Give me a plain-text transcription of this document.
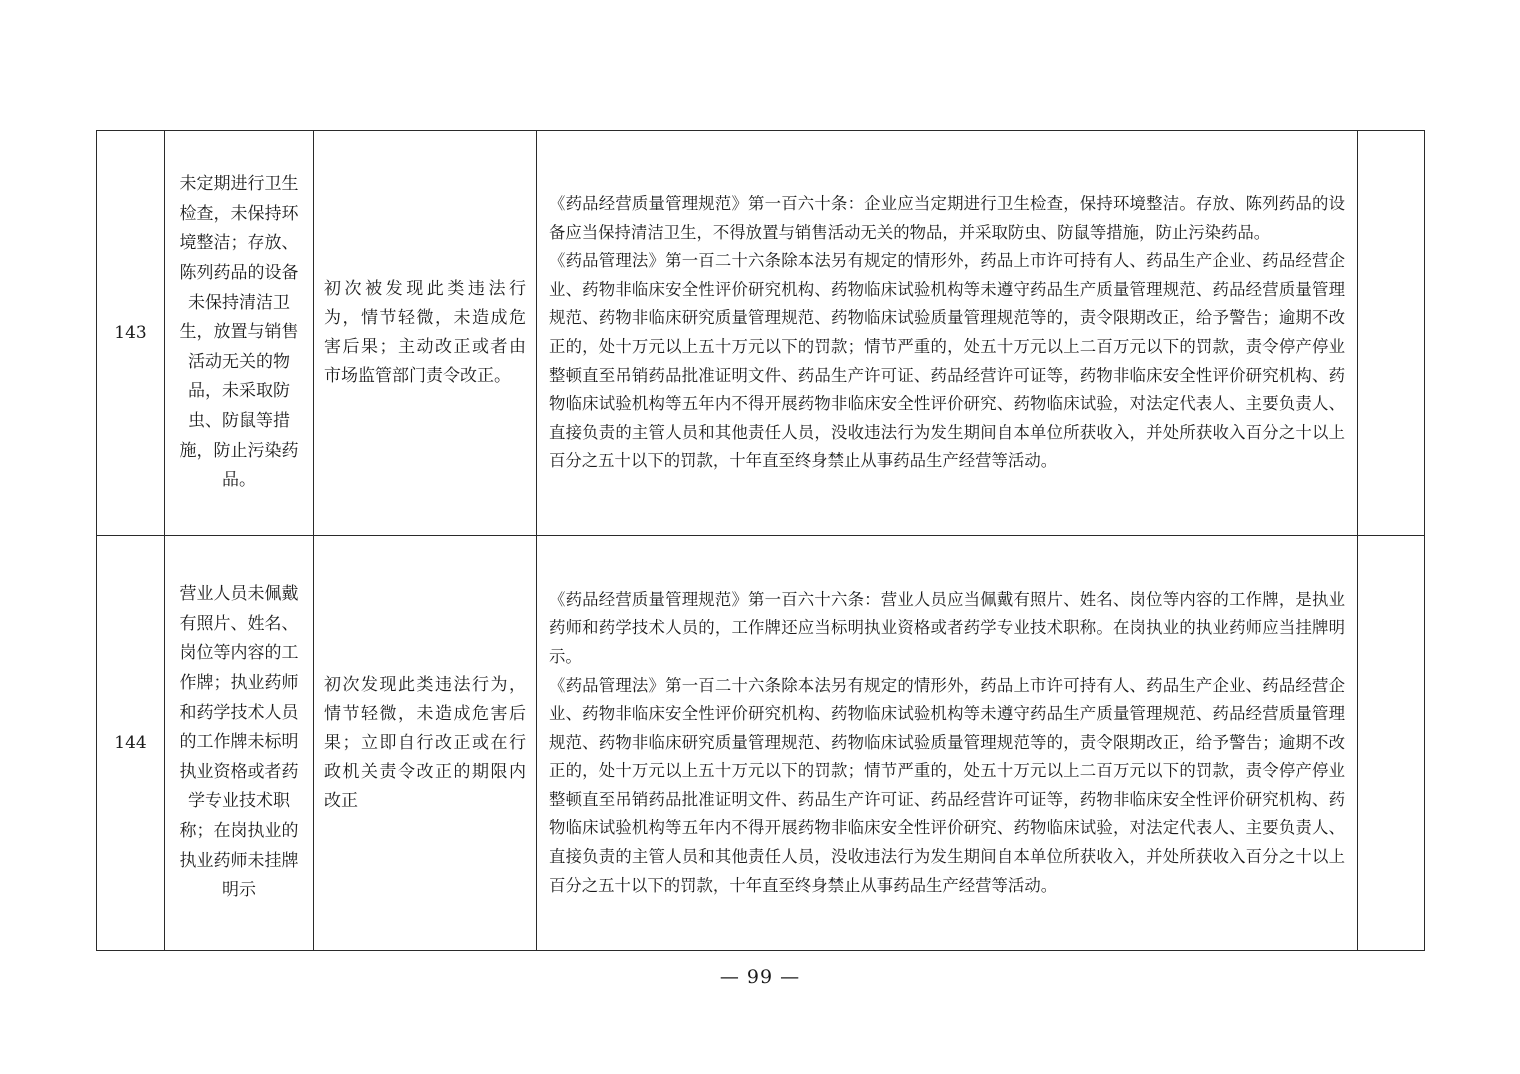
143	未定期进行卫生检查，未保持环境整洁；存放、陈列药品的设备未保持清洁卫生，放置与销售活动无关的物品，未采取防虫、防鼠等措施，防止污染药品。	初次被发现此类违法行为，情节轻微，未造成危害后果；主动改正或者由市场监管部门责令改正。	《药品经营质量管理规范》第一百六十条：企业应当定期进行卫生检查，保持环境整洁。存放、陈列药品的设备应当保持清洁卫生，不得放置与销售活动无关的物品，并采取防虫、防鼠等措施，防止污染药品。

《药品管理法》第一百二十六条除本法另有规定的情形外，药品上市许可持有人、药品生产企业、药品经营企业、药物非临床安全性评价研究机构、药物临床试验机构等未遵守药品生产质量管理规范、药品经营质量管理规范、药物非临床研究质量管理规范、药物临床试验质量管理规范等的，责令限期改正，给予警告；逾期不改正的，处十万元以上五十万元以下的罚款；情节严重的，处五十万元以上二百万元以下的罚款，责令停产停业整顿直至吊销药品批准证明文件、药品生产许可证、药品经营许可证等，药物非临床安全性评价研究机构、药物临床试验机构等五年内不得开展药物非临床安全性评价研究、药物临床试验，对法定代表人、主要负责人、直接负责的主管人员和其他责任人员，没收违法行为发生期间自本单位所获收入，并处所获收入百分之十以上百分之五十以下的罚款，十年直至终身禁止从事药品生产经营等活动。	

144	营业人员未佩戴有照片、姓名、岗位等内容的工作牌；执业药师和药学技术人员的工作牌未标明执业资格或者药学专业技术职称；在岗执业的执业药师未挂牌明示	初次发现此类违法行为，情节轻微，未造成危害后果；立即自行改正或在行政机关责令改正的期限内改正	《药品经营质量管理规范》第一百六十六条：营业人员应当佩戴有照片、姓名、岗位等内容的工作牌，是执业药师和药学技术人员的，工作牌还应当标明执业资格或者药学专业技术职称。在岗执业的执业药师应当挂牌明示。

《药品管理法》第一百二十六条除本法另有规定的情形外，药品上市许可持有人、药品生产企业、药品经营企业、药物非临床安全性评价研究机构、药物临床试验机构等未遵守药品生产质量管理规范、药品经营质量管理规范、药物非临床研究质量管理规范、药物临床试验质量管理规范等的，责令限期改正，给予警告；逾期不改正的，处十万元以上五十万元以下的罚款；情节严重的，处五十万元以上二百万元以下的罚款，责令停产停业整顿直至吊销药品批准证明文件、药品生产许可证、药品经营许可证等，药物非临床安全性评价研究机构、药物临床试验机构等五年内不得开展药物非临床安全性评价研究、药物临床试验，对法定代表人、主要负责人、直接负责的主管人员和其他责任人员，没收违法行为发生期间自本单位所获收入，并处所获收入百分之十以上百分之五十以下的罚款，十年直至终身禁止从事药品生产经营等活动。	

— 99 —
